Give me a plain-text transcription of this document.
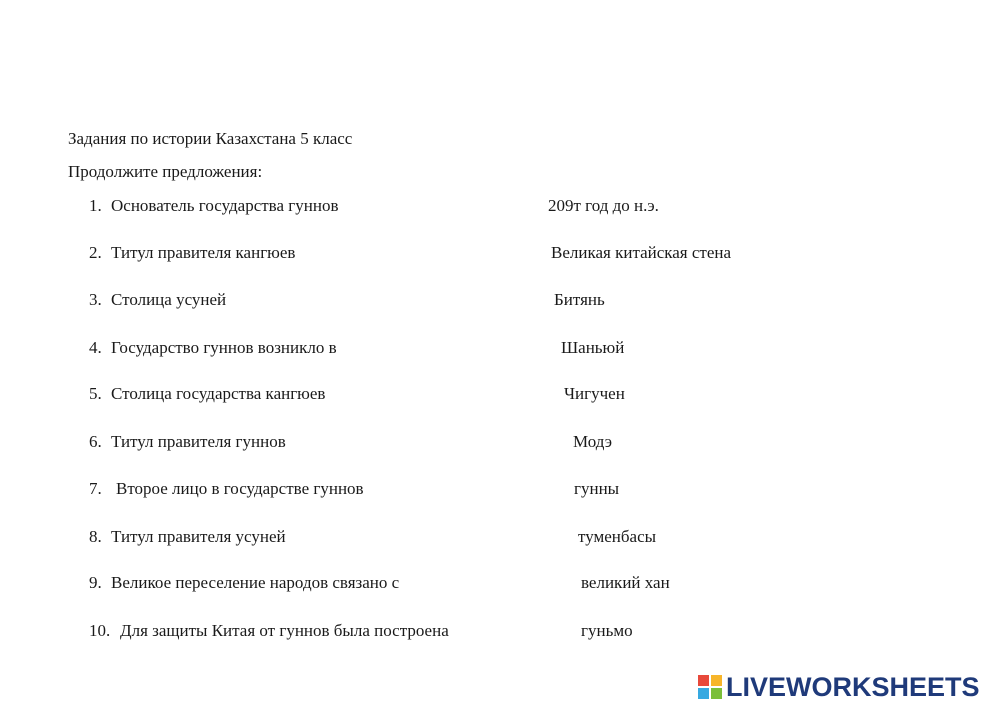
Задания по истории Казахстана 5 класс
Продолжите предложения:
1. Основатель государства гуннов
2. Титул правителя кангюев
3. Столица усуней
4. Государство гуннов возникло в
5. Столица государства кангюев
6. Титул правителя гуннов
7. Второе лицо в государстве гуннов
8. Титул правителя усуней
9. Великое переселение народов связано с
10. Для защиты Китая от гуннов была построена
209т год до н.э.
Великая китайская стена
Битянь
Шаньюй
Чигучен
Модэ
гунны
туменбасы
великий хан
гуньмо
LIVEWORKSHEETS
